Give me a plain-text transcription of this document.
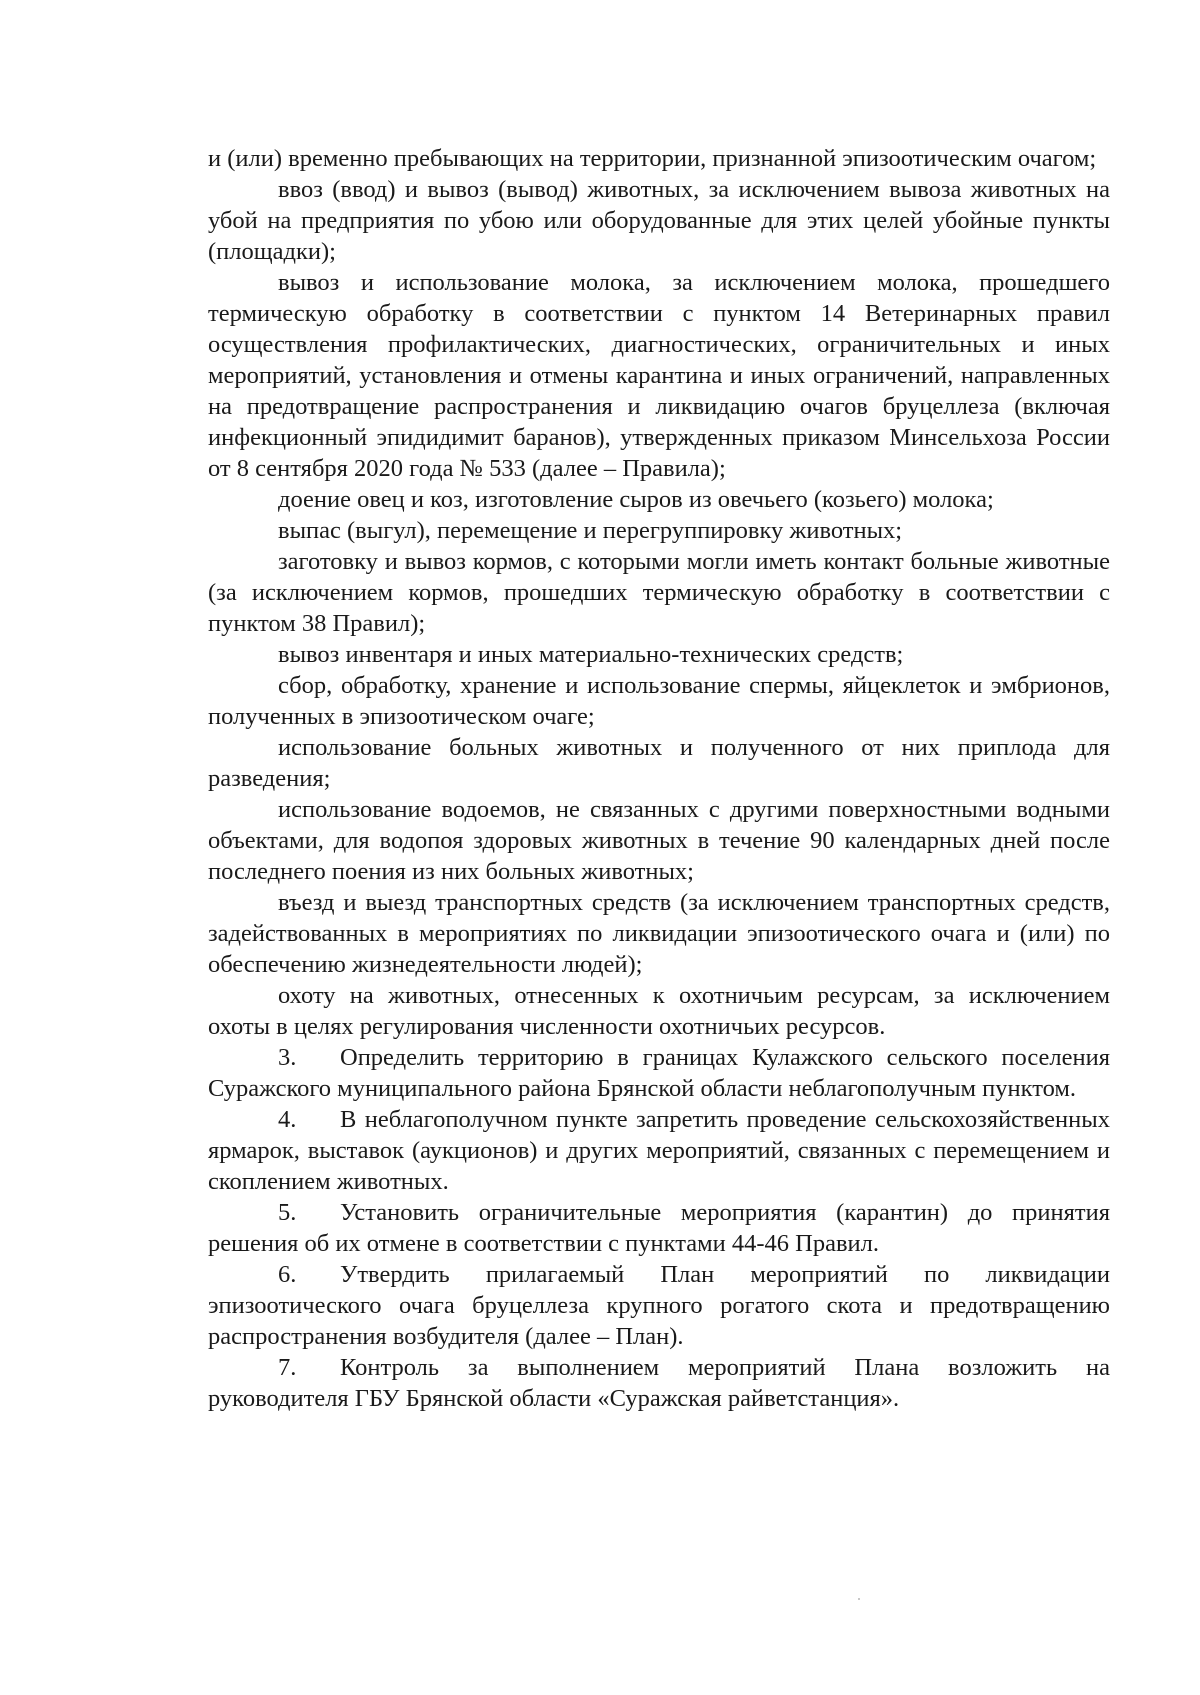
и (или) временно пребывающих на территории, признанной эпизоотическим очагом;

ввоз (ввод) и вывоз (вывод) животных, за исключением вывоза животных на убой на предприятия по убою или оборудованные для этих целей убойные пункты (площадки);

вывоз и использование молока, за исключением молока, прошедшего термическую обработку в соответствии с пунктом 14 Ветеринарных правил осуществления профилактических, диагностических, ограничительных и иных мероприятий, установления и отмены карантина и иных ограничений, направленных на предотвращение распространения и ликвидацию очагов бруцеллеза (включая инфекционный эпидидимит баранов), утвержденных приказом Минсельхоза России от 8 сентября 2020 года № 533 (далее – Правила);

доение овец и коз, изготовление сыров из овечьего (козьего) молока;

выпас (выгул), перемещение и перегруппировку животных;

заготовку и вывоз кормов, с которыми могли иметь контакт больные животные (за исключением кормов, прошедших термическую обработку в соответствии с пунктом 38 Правил);

вывоз инвентаря и иных материально-технических средств;

сбор, обработку, хранение и использование спермы, яйцеклеток и эмбрионов, полученных в эпизоотическом очаге;

использование больных животных и полученного от них приплода для разведения;

использование водоемов, не связанных с другими поверхностными водными объектами, для водопоя здоровых животных в течение 90 календарных дней после последнего поения из них больных животных;

въезд и выезд транспортных средств (за исключением транспортных средств, задействованных в мероприятиях по ликвидации эпизоотического очага и (или) по обеспечению жизнедеятельности людей);

охоту на животных, отнесенных к охотничьим ресурсам, за исключением охоты в целях регулирования численности охотничьих ресурсов.

3. Определить территорию в границах Кулажского сельского поселения Суражского муниципального района Брянской области неблагополучным пунктом.

4. В неблагополучном пункте запретить проведение сельскохозяйственных ярмарок, выставок (аукционов) и других мероприятий, связанных с перемещением и скоплением животных.

5. Установить ограничительные мероприятия (карантин) до принятия решения об их отмене в соответствии с пунктами 44-46 Правил.

6. Утвердить прилагаемый План мероприятий по ликвидации эпизоотического очага бруцеллеза крупного рогатого скота и предотвращению распространения возбудителя (далее – План).

7. Контроль за выполнением мероприятий Плана возложить на руководителя ГБУ Брянской области «Суражская райветстанция».
